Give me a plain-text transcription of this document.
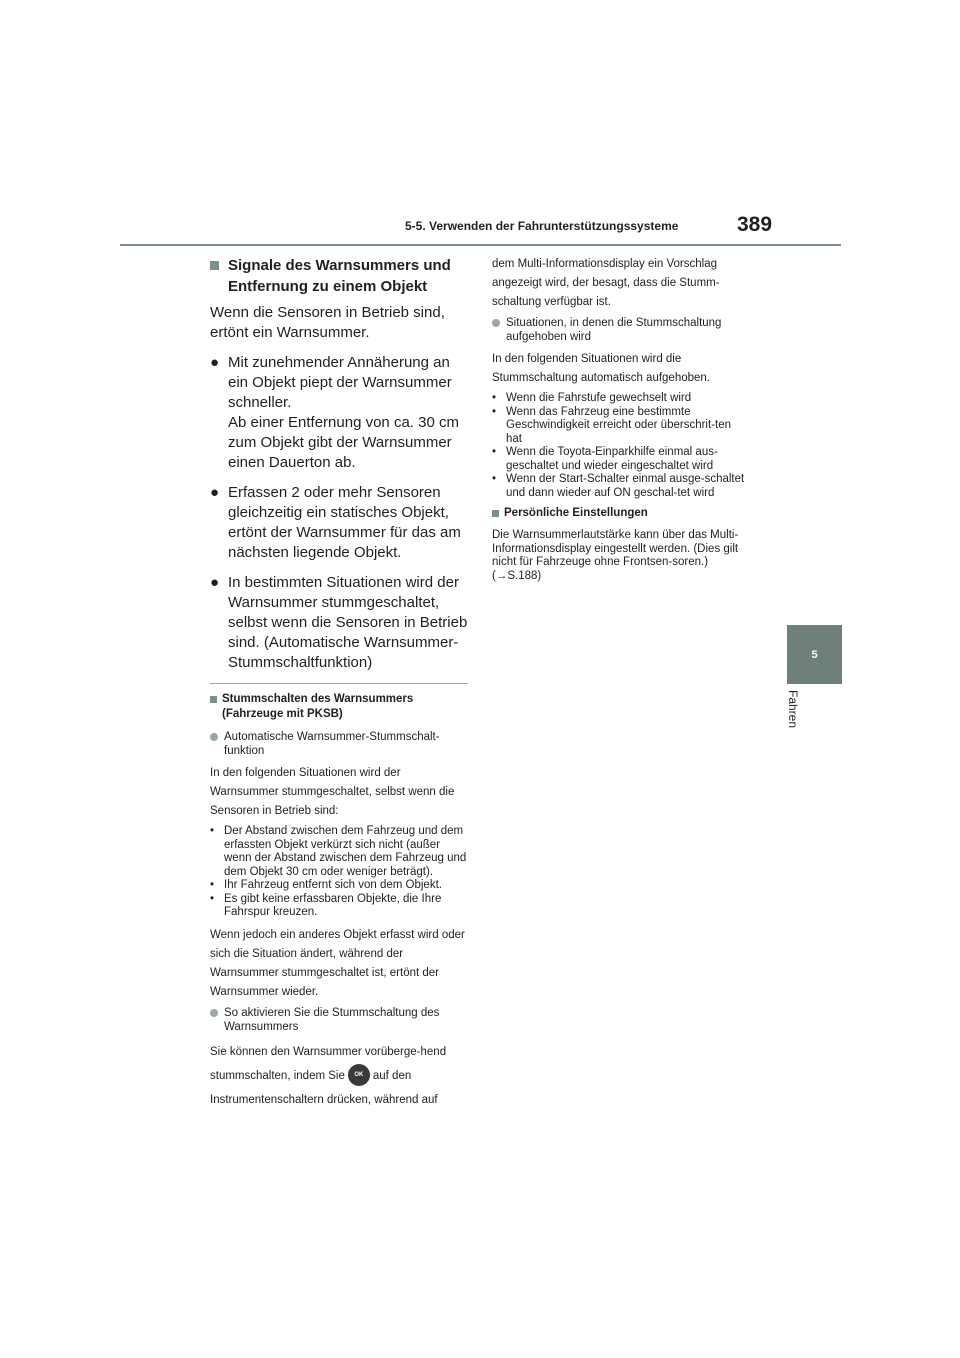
5-5. Verwenden der Fahrunterstützungssysteme	389
5
Fahren
Signale des Warnsummers und Entfernung zu einem Objekt

Wenn die Sensoren in Betrieb sind, ertönt ein Warnsummer.

● Mit zunehmender Annäherung an ein Objekt piept der Warnsummer schneller.
Ab einer Entfernung von ca. 30 cm zum Objekt gibt der Warnsummer einen Dauerton ab.
● Erfassen 2 oder mehr Sensoren gleichzeitig ein statisches Objekt, ertönt der Warnsummer für das am nächsten liegende Objekt.
● In bestimmten Situationen wird der Warnsummer stummgeschaltet, selbst wenn die Sensoren in Betrieb sind. (Automatische Warnsummer-Stummschaltfunktion)
Stummschalten des Warnsummers (Fahrzeuge mit PKSB)
Automatische Warnsummer-Stummschalt-funktion

In den folgenden Situationen wird der Warnsummer stummgeschaltet, selbst wenn die Sensoren in Betrieb sind:

• Der Abstand zwischen dem Fahrzeug und dem erfassten Objekt verkürzt sich nicht (außer wenn der Abstand zwischen dem Fahrzeug und dem Objekt 30 cm oder weniger beträgt).
• Ihr Fahrzeug entfernt sich von dem Objekt.
• Es gibt keine erfassbaren Objekte, die Ihre Fahrspur kreuzen.

Wenn jedoch ein anderes Objekt erfasst wird oder sich die Situation ändert, während der Warnsummer stummgeschaltet ist, ertönt der Warnsummer wieder.

So aktivieren Sie die Stummschaltung des Warnsummers

Sie können den Warnsummer vorüberge-hend stummschalten, indem Sie OK auf den Instrumentenschaltern drücken, während auf

dem Multi-Informationsdisplay ein Vorschlag angezeigt wird, der besagt, dass die Stumm-schaltung verfügbar ist.

Situationen, in denen die Stummschaltung aufgehoben wird

In den folgenden Situationen wird die Stummschaltung automatisch aufgehoben.

• Wenn die Fahrstufe gewechselt wird
• Wenn das Fahrzeug eine bestimmte Geschwindigkeit erreicht oder überschrit-ten hat
• Wenn die Toyota-Einparkhilfe einmal aus-geschaltet und wieder eingeschaltet wird
• Wenn der Start-Schalter einmal ausge-schaltet und dann wieder auf ON geschal-tet wird
Persönliche Einstellungen

Die Warnsummerlautstärke kann über das Multi-Informationsdisplay eingestellt werden. (Dies gilt nicht für Fahrzeuge ohne Frontsen-soren.) (→S.188)
